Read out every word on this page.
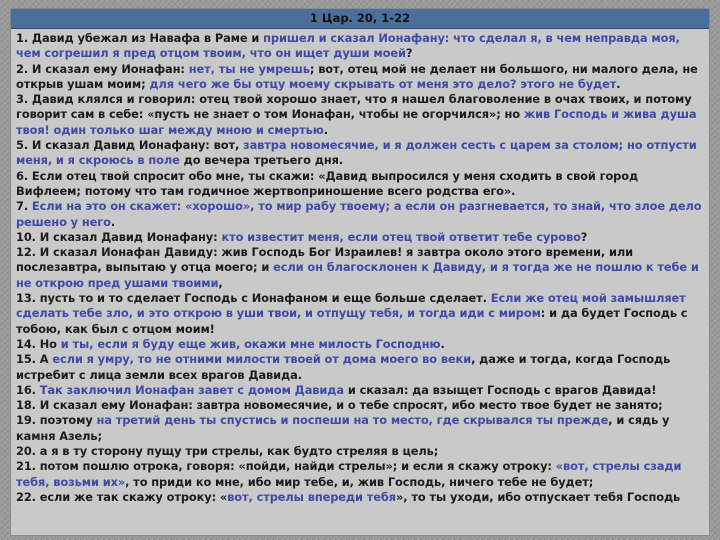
1 Цар. 20, 1-22

1. Давид убежал из Навафа в Раме и пришел и сказал Ионафану: что сделал я, в чем неправда моя, чем согрешил я пред отцом твоим, что он ищет души моей?

2. И сказал ему Ионафан: нет, ты не умрешь; вот, отец мой не делает ни большого, ни малого дела, не открыв ушам моим; для чего же бы отцу моему скрывать от меня это дело? этого не будет.

3. Давид клялся и говорил: отец твой хорошо знает, что я нашел благоволение в очах твоих, и потому говорит сам в себе: «пусть не знает о том Ионафан, чтобы не огорчился»; но жив Господь и жива душа твоя! один только шаг между мною и смертью.

5. И сказал Давид Ионафану: вот, завтра новомесячие, и я должен сесть с царем за столом; но отпусти меня, и я скроюсь в поле до вечера третьего дня.

6. Если отец твой спросит обо мне, ты скажи: «Давид выпросился у меня сходить в свой город Вифлеем; потому что там годичное жертвоприношение всего родства его».

7. Если на это он скажет: «хорошо», то мир рабу твоему; а если он разгневается, то знай, что злое дело решено у него.

10. И сказал Давид Ионафану: кто известит меня, если отец твой ответит тебе сурово?

12. И сказал Ионафан Давиду: жив Господь Бог Израилев! я завтра около этого времени, или послезавтра, выпытаю у отца моего; и если он благосклонен к Давиду, и я тогда же не пошлю к тебе и не открою пред ушами твоими,

13. пусть то и то сделает Господь с Ионафаном и еще больше сделает. Если же отец мой замышляет сделать тебе зло, и это открою в уши твои, и отпущу тебя, и тогда иди с миром: и да будет Господь с тобою, как был с отцом моим!

14. Но и ты, если я буду еще жив, окажи мне милость Господню.

15. А если я умру, то не отними милости твоей от дома моего во веки, даже и тогда, когда Господь истребит с лица земли всех врагов Давида.

16. Так заключил Ионафан завет с домом Давида и сказал: да взыщет Господь с врагов Давида!

18. И сказал ему Ионафан: завтра новомесячие, и о тебе спросят, ибо место твое будет не занято;

19. поэтому на третий день ты спустись и поспеши на то место, где скрывался ты прежде, и сядь у камня Азель;

20. а я в ту сторону пущу три стрелы, как будто стреляя в цель;

21. потом пошлю отрока, говоря: «пойди, найди стрелы»; и если я скажу отроку: «вот, стрелы сзади тебя, возьми их», то приди ко мне, ибо мир тебе, и, жив Господь, ничего тебе не будет;

22. если же так скажу отроку: «вот, стрелы впереди тебя», то ты уходи, ибо отпускает тебя Господь
